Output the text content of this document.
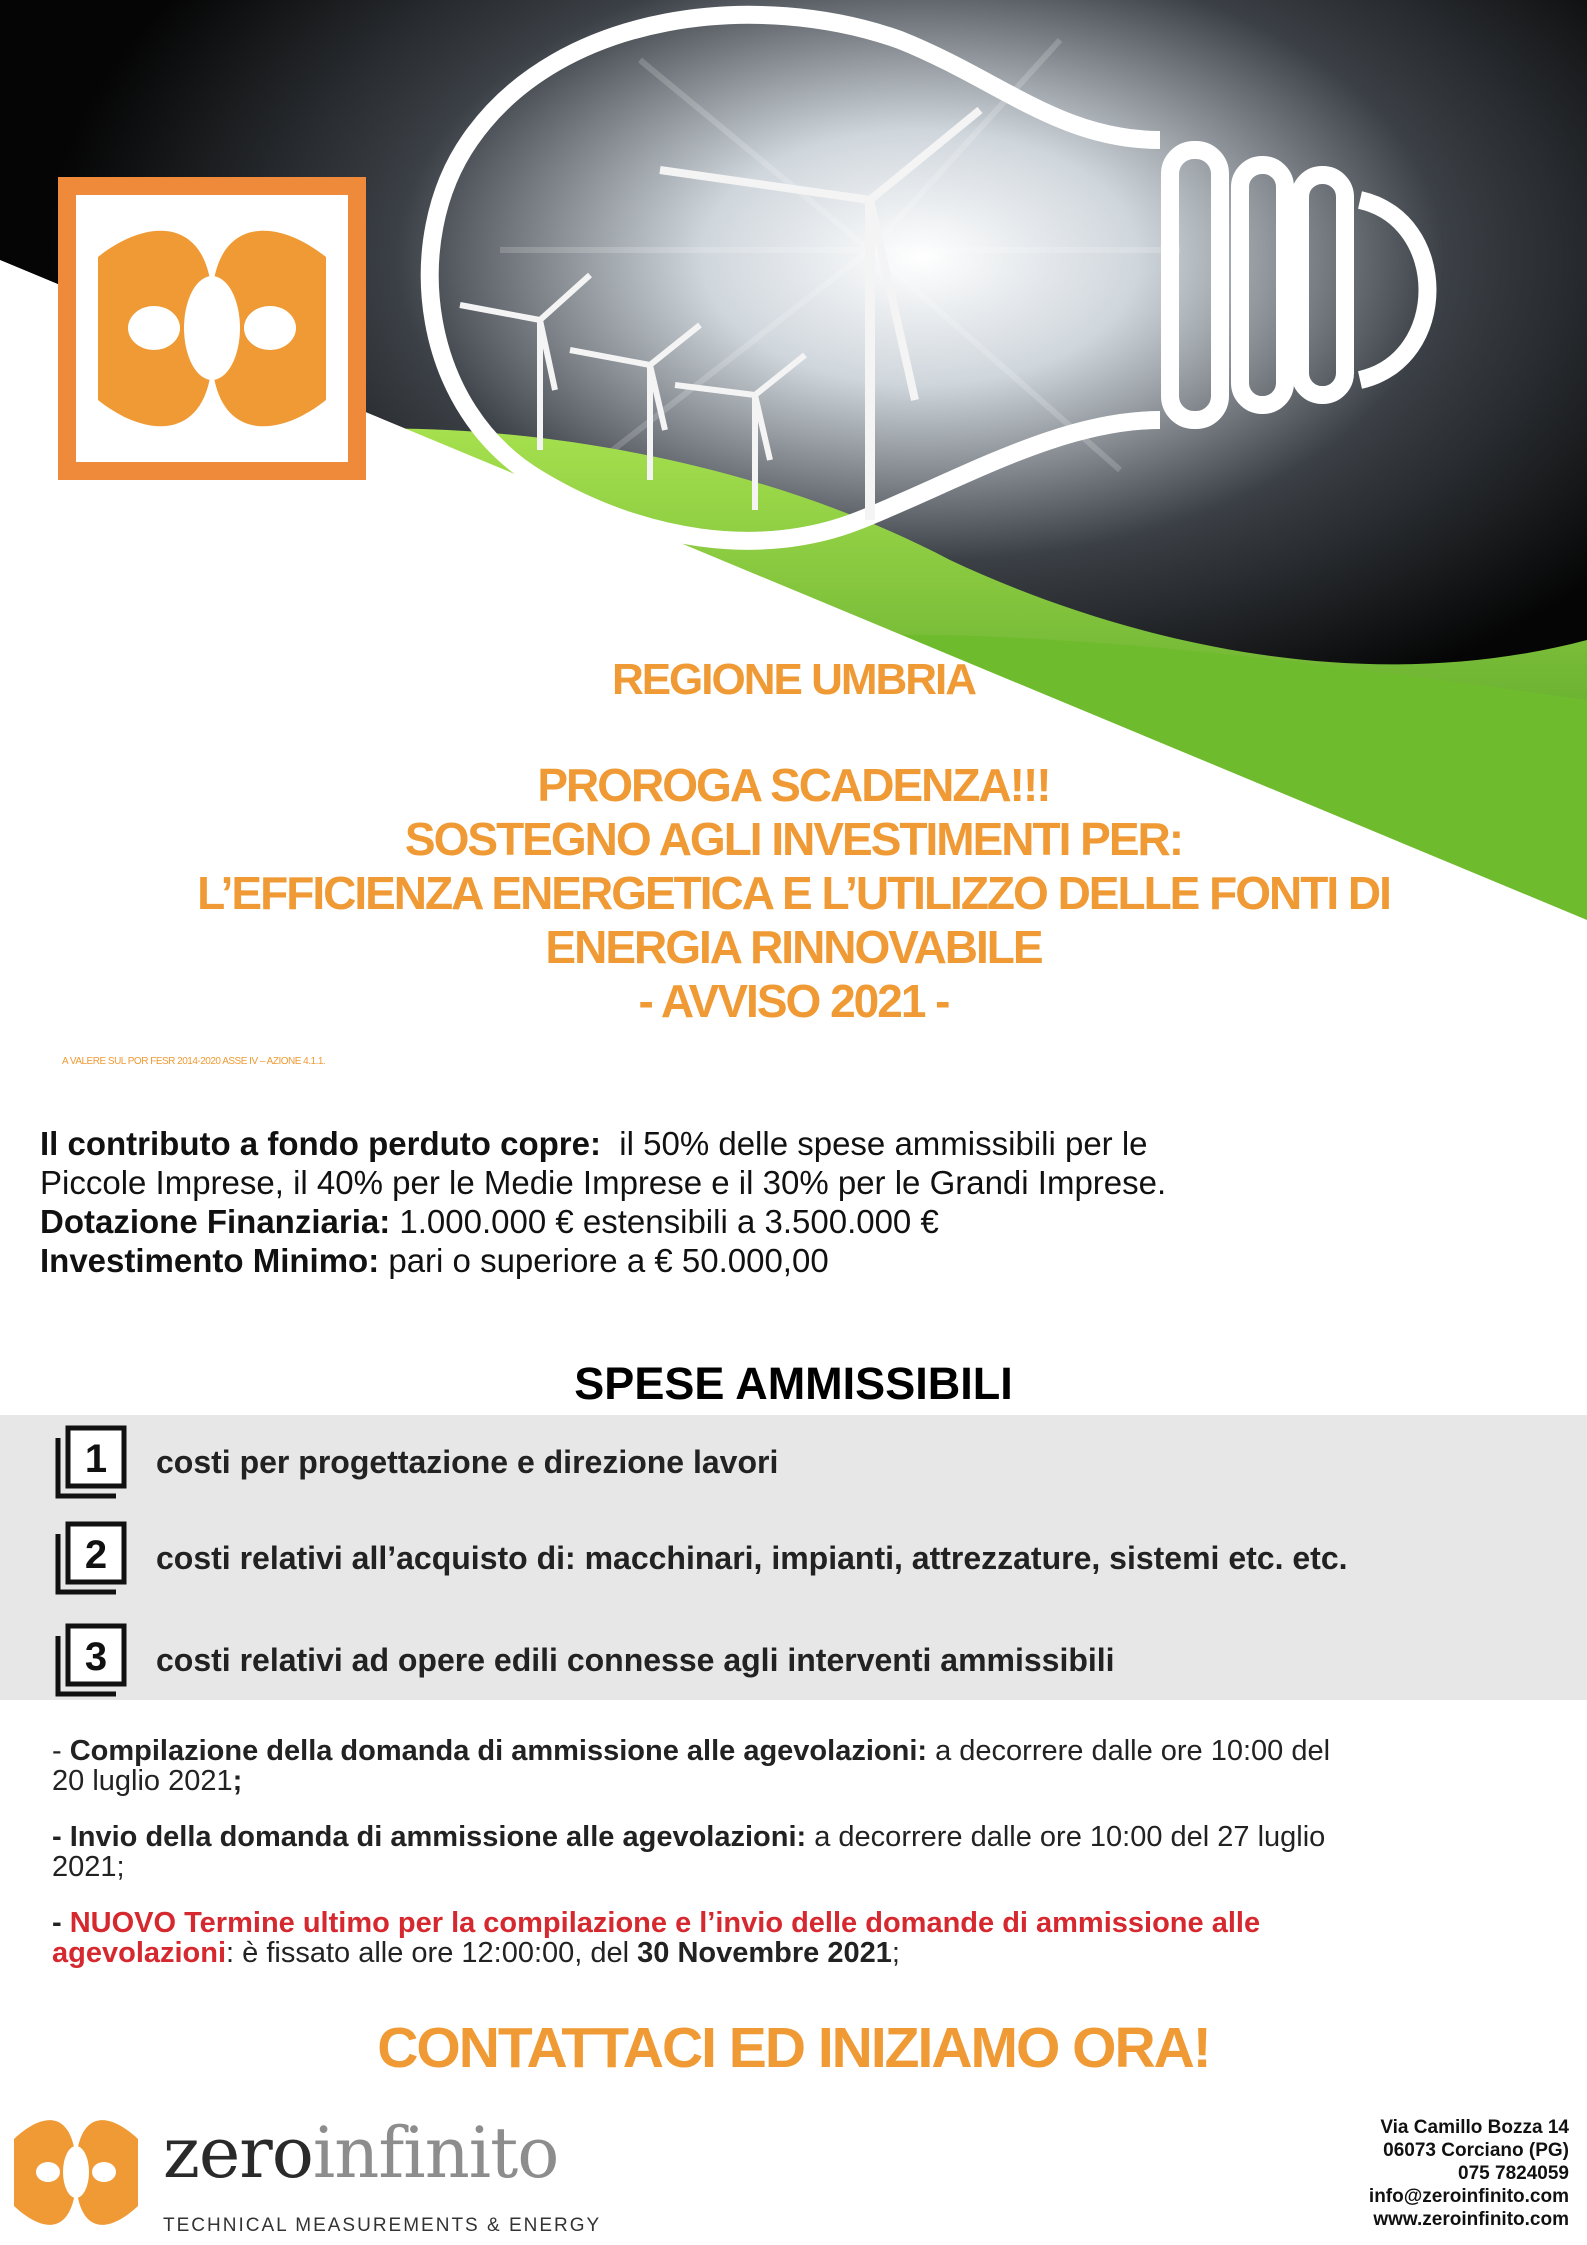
REGIONE UMBRIA
PROROGA SCADENZA!!!
SOSTEGNO AGLI INVESTIMENTI PER:
L’EFFICIENZA ENERGETICA E L’UTILIZZO DELLE FONTI DI
ENERGIA RINNOVABILE
- AVVISO 2021 -
A VALERE SUL POR FESR 2014-2020 ASSE IV – AZIONE 4.1.1.

Il contributo a fondo perduto copre:  il 50% delle spese ammissibili per le

Piccole Imprese, il 40% per le Medie Imprese e il 30% per le Grandi Imprese.

Dotazione Finanziaria: 1.000.000 € estensibili a 3.500.000 €

Investimento Minimo: pari o superiore a € 50.000,00

SPESE AMMISSIBILI
1 costi per progettazione e direzione lavori
2 costi relativi all’acquisto di: macchinari, impianti, attrezzature, sistemi etc. etc.
3 costi relativi ad opere edili connesse agli interventi ammissibili
- Compilazione della domanda di ammissione alle agevolazioni: a decorrere dalle ore 10:00 del
20 luglio 2021;
- Invio della domanda di ammissione alle agevolazioni: a decorrere dalle ore 10:00 del 27 luglio
2021;
- NUOVO Termine ultimo per la compilazione e l’invio delle domande di ammissione alle
agevolazioni: è fissato alle ore 12:00:00, del 30 Novembre 2021;
CONTATTACI ED INIZIAMO ORA!
zeroinfinito
TECHNICAL MEASUREMENTS & ENERGY
Via Camillo Bozza 14
06073 Corciano (PG)
075 7824059
info@zeroinfinito.com
www.zeroinfinito.com
